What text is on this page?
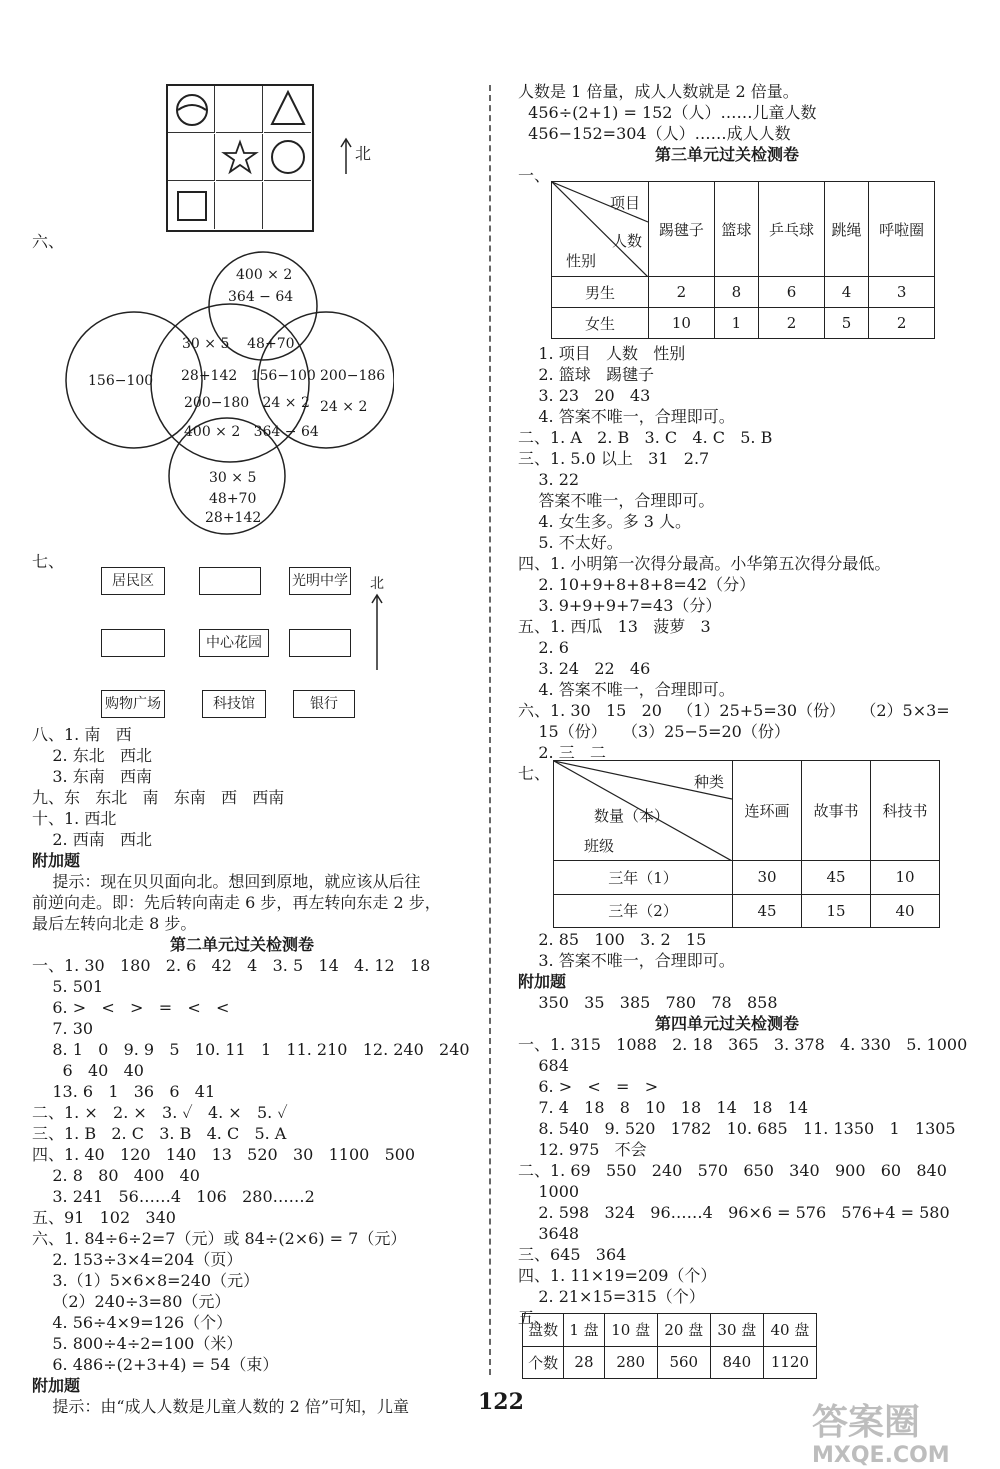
北
六、
400 × 2
364 − 64
156−100	200−186
24 × 2
30 × 5    48+70
28+142   156−100
200−180   24 × 2
400 × 2   364 − 64
30 × 5
48+70
28+142
七、
居民区	光明中学
中心花园
购物广场	科技馆	银行
北
八、1. 南   西
2. 东北   西北
3. 东南   西南
九、东   东北   南   东南   西   西南
十、1. 西北
2. 西南   西北
附加题
提示：现在贝贝面向北。想回到原地，就应该从后往
前逆向走。即：先后转向南走 6 步，再左转向东走 2 步，
最后左转向北走 8 步。
第二单元过关检测卷
一、1. 30   180   2. 6   42   4   3. 5   14   4. 12   18
5. 501
6. >   <   >   =   <   <
7. 30
8. 1   0   9. 9   5   10. 11   1   11. 210   12. 240   240
6   40   40
13. 6   1   36   6   41
二、1. ×   2. ×   3. ✓   4. ×   5. ✓
三、1. B   2. C   3. B   4. C   5. A
四、1. 40   120   140   13   520   30   1100   500
2. 8   80   400   40
3. 241   56……4   106   280……2
五、91   102   340
六、1. 84÷6÷2=7（元）或 84÷(2×6) = 7（元）
2. 153÷3×4=204（页）
3.（1）5×6×8=240（元）
（2）240÷3=80（元）
4. 56÷4×9=126（个）
5. 800÷4÷2=100（米）
6. 486÷(2+3+4) = 54（束）
附加题
提示：由“成人人数是儿童人数的 2 倍”可知，儿童
人数是 1 倍量，成人人数就是 2 倍量。
456÷(2+1) = 152（人）……儿童人数
456−152=304（人）……成人人数
第三单元过关检测卷
一、
项目
人数
性别	踢毽子	篮球	乒乓球	跳绳	呼啦圈
男生	2	8	6	4	3
女生	10	1	2	5	2
1. 项目   人数   性别
2. 篮球   踢毽子
3. 23   20   43
4. 答案不唯一，合理即可。
二、1. A   2. B   3. C   4. C   5. B
三、1. 5.0 以上   31   2.7
3. 22
答案不唯一，合理即可。
4. 女生多。多 3 人。
5. 不太好。
四、1. 小明第一次得分最高。小华第五次得分最低。
2. 10+9+8+8+8=42（分）
3. 9+9+9+7=43（分）
五、1. 西瓜   13   菠萝   3
2. 6
3. 24   22   46
4. 答案不唯一，合理即可。
六、1. 30   15   20   （1）25+5=30（份）   （2）5×3=
15（份）   （3）25−5=20（份）
2. 三   二
七、	种类
数量（本）
班级	连环画	故事书	科技书
三年（1）	30	45	10
三年（2）	45	15	40
2. 85   100   3. 2   15
3. 答案不唯一，合理即可。
附加题
350   35   385   780   78   858
第四单元过关检测卷
一、1. 315   1088   2. 18   365   3. 378   4. 330   5. 1000
684
6. >   <   =   >
7. 4   18   8   10   18   14   18   14
8. 540   9. 520   1782   10. 685   11. 1350   1   1305
12. 975   不会
二、1. 69   550   240   570   650   340   900   60   840
1000
2. 598   324   96……4   96×6 = 576   576+4 = 580
3648
三、645   364
四、1. 11×19=209（个）
2. 21×15=315（个）
五、
盘数	1 盘	10 盘	20 盘	30 盘	40 盘
个数	28	280	560	840	1120
122	答案圈
MXQE.COM
